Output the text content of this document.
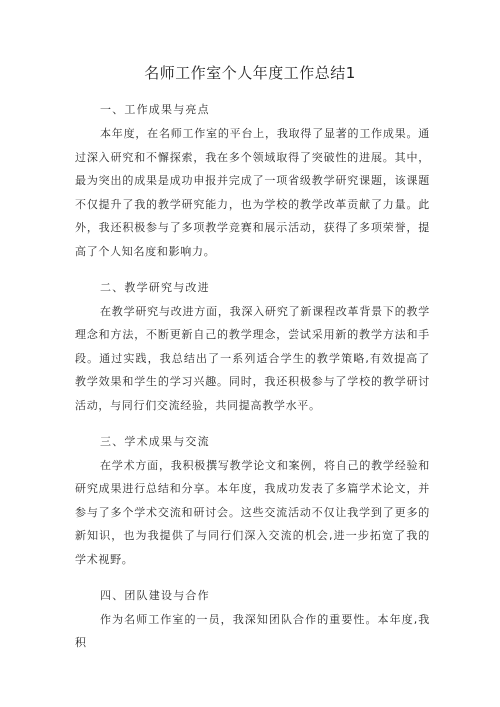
名师工作室个人年度工作总结1
一、工作成果与亮点

本年度，在名师工作室的平台上，我取得了显著的工作成果。通过深入研究和不懈探索，我在多个领域取得了突破性的进展。其中，最为突出的成果是成功申报并完成了一项省级教学研究课题，该课题不仅提升了我的教学研究能力，也为学校的教学改革贡献了力量。此外，我还积极参与了多项教学竞赛和展示活动，获得了多项荣誉，提高了个人知名度和影响力。

二、教学研究与改进

在教学研究与改进方面，我深入研究了新课程改革背景下的教学理念和方法，不断更新自己的教学理念，尝试采用新的教学方法和手段。通过实践，我总结出了一系列适合学生的教学策略,有效提高了教学效果和学生的学习兴趣。同时，我还积极参与了学校的教学研讨活动，与同行们交流经验，共同提高教学水平。

三、学术成果与交流

在学术方面，我积极撰写教学论文和案例，将自己的教学经验和研究成果进行总结和分享。本年度，我成功发表了多篇学术论文，并参与了多个学术交流和研讨会。这些交流活动不仅让我学到了更多的新知识，也为我提供了与同行们深入交流的机会,进一步拓宽了我的学术视野。

四、团队建设与合作

作为名师工作室的一员，我深知团队合作的重要性。本年度,我积
